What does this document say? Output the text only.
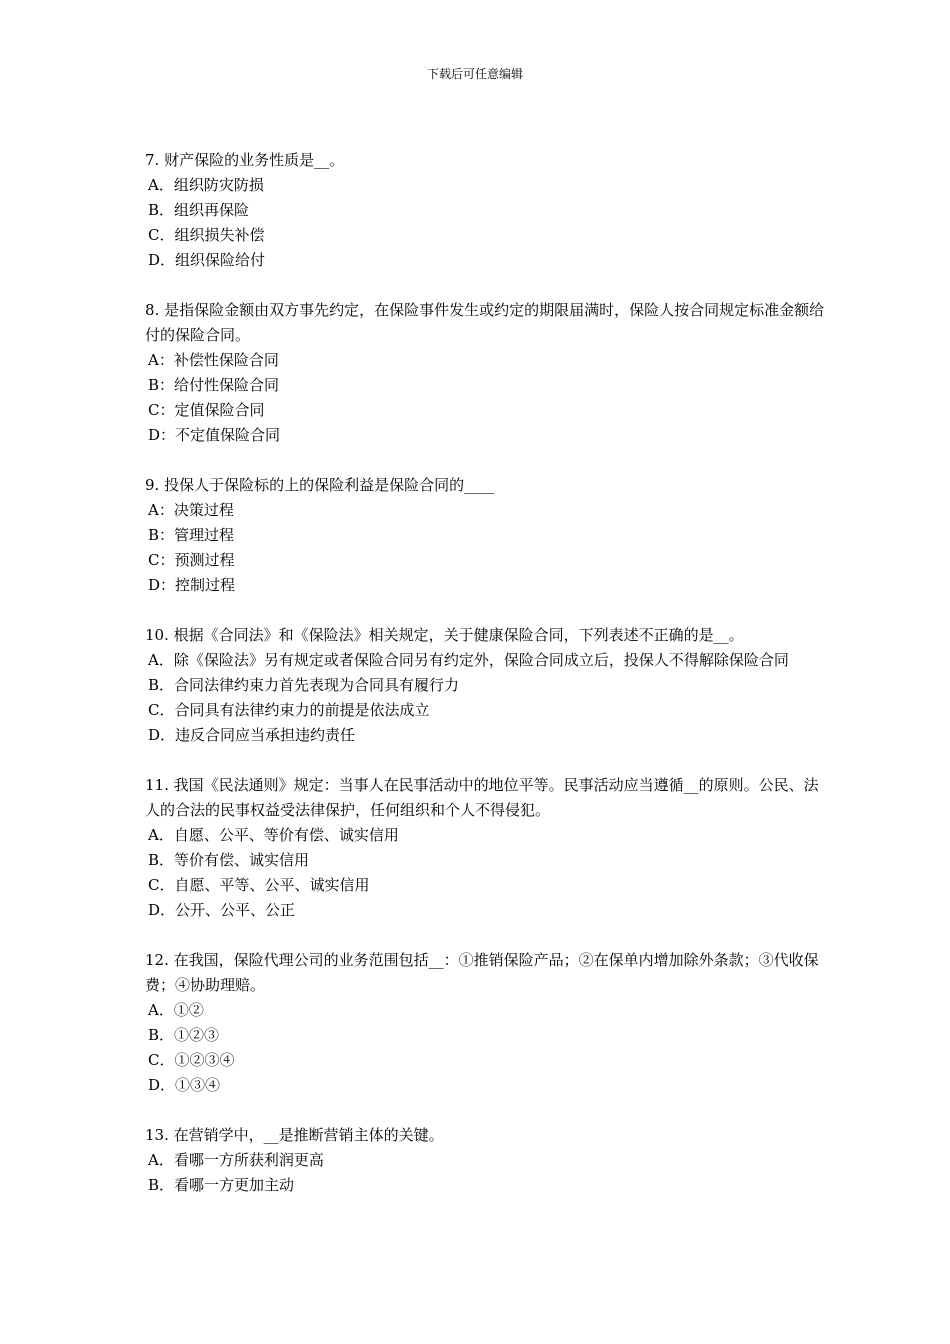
下载后可任意编辑

7. 财产保险的业务性质是__。

A．组织防灾防损

B．组织再保险

C．组织损失补偿

D．组织保险给付

8. 是指保险金额由双方事先约定，在保险事件发生或约定的期限届满时，保险人按合同规定标准金额给付的保险合同。

A：补偿性保险合同

B：给付性保险合同

C：定值保险合同

D：不定值保险合同

9. 投保人于保险标的上的保险利益是保险合同的____

A：决策过程

B：管理过程

C：预测过程

D：控制过程

10. 根据《合同法》和《保险法》相关规定，关于健康保险合同，下列表述不正确的是__。

A．除《保险法》另有规定或者保险合同另有约定外，保险合同成立后，投保人不得解除保险合同

B．合同法律约束力首先表现为合同具有履行力

C．合同具有法律约束力的前提是依法成立

D．违反合同应当承担违约责任

11. 我国《民法通则》规定：当事人在民事活动中的地位平等。民事活动应当遵循__的原则。公民、法人的合法的民事权益受法律保护，任何组织和个人不得侵犯。

A．自愿、公平、等价有偿、诚实信用

B．等价有偿、诚实信用

C．自愿、平等、公平、诚实信用

D．公开、公平、公正

12. 在我国，保险代理公司的业务范围包括__：①推销保险产品；②在保单内增加除外条款；③代收保费；④协助理赔。

A．①②

B．①②③

C．①②③④

D．①③④

13. 在营销学中，__是推断营销主体的关键。

A．看哪一方所获利润更高

B．看哪一方更加主动
